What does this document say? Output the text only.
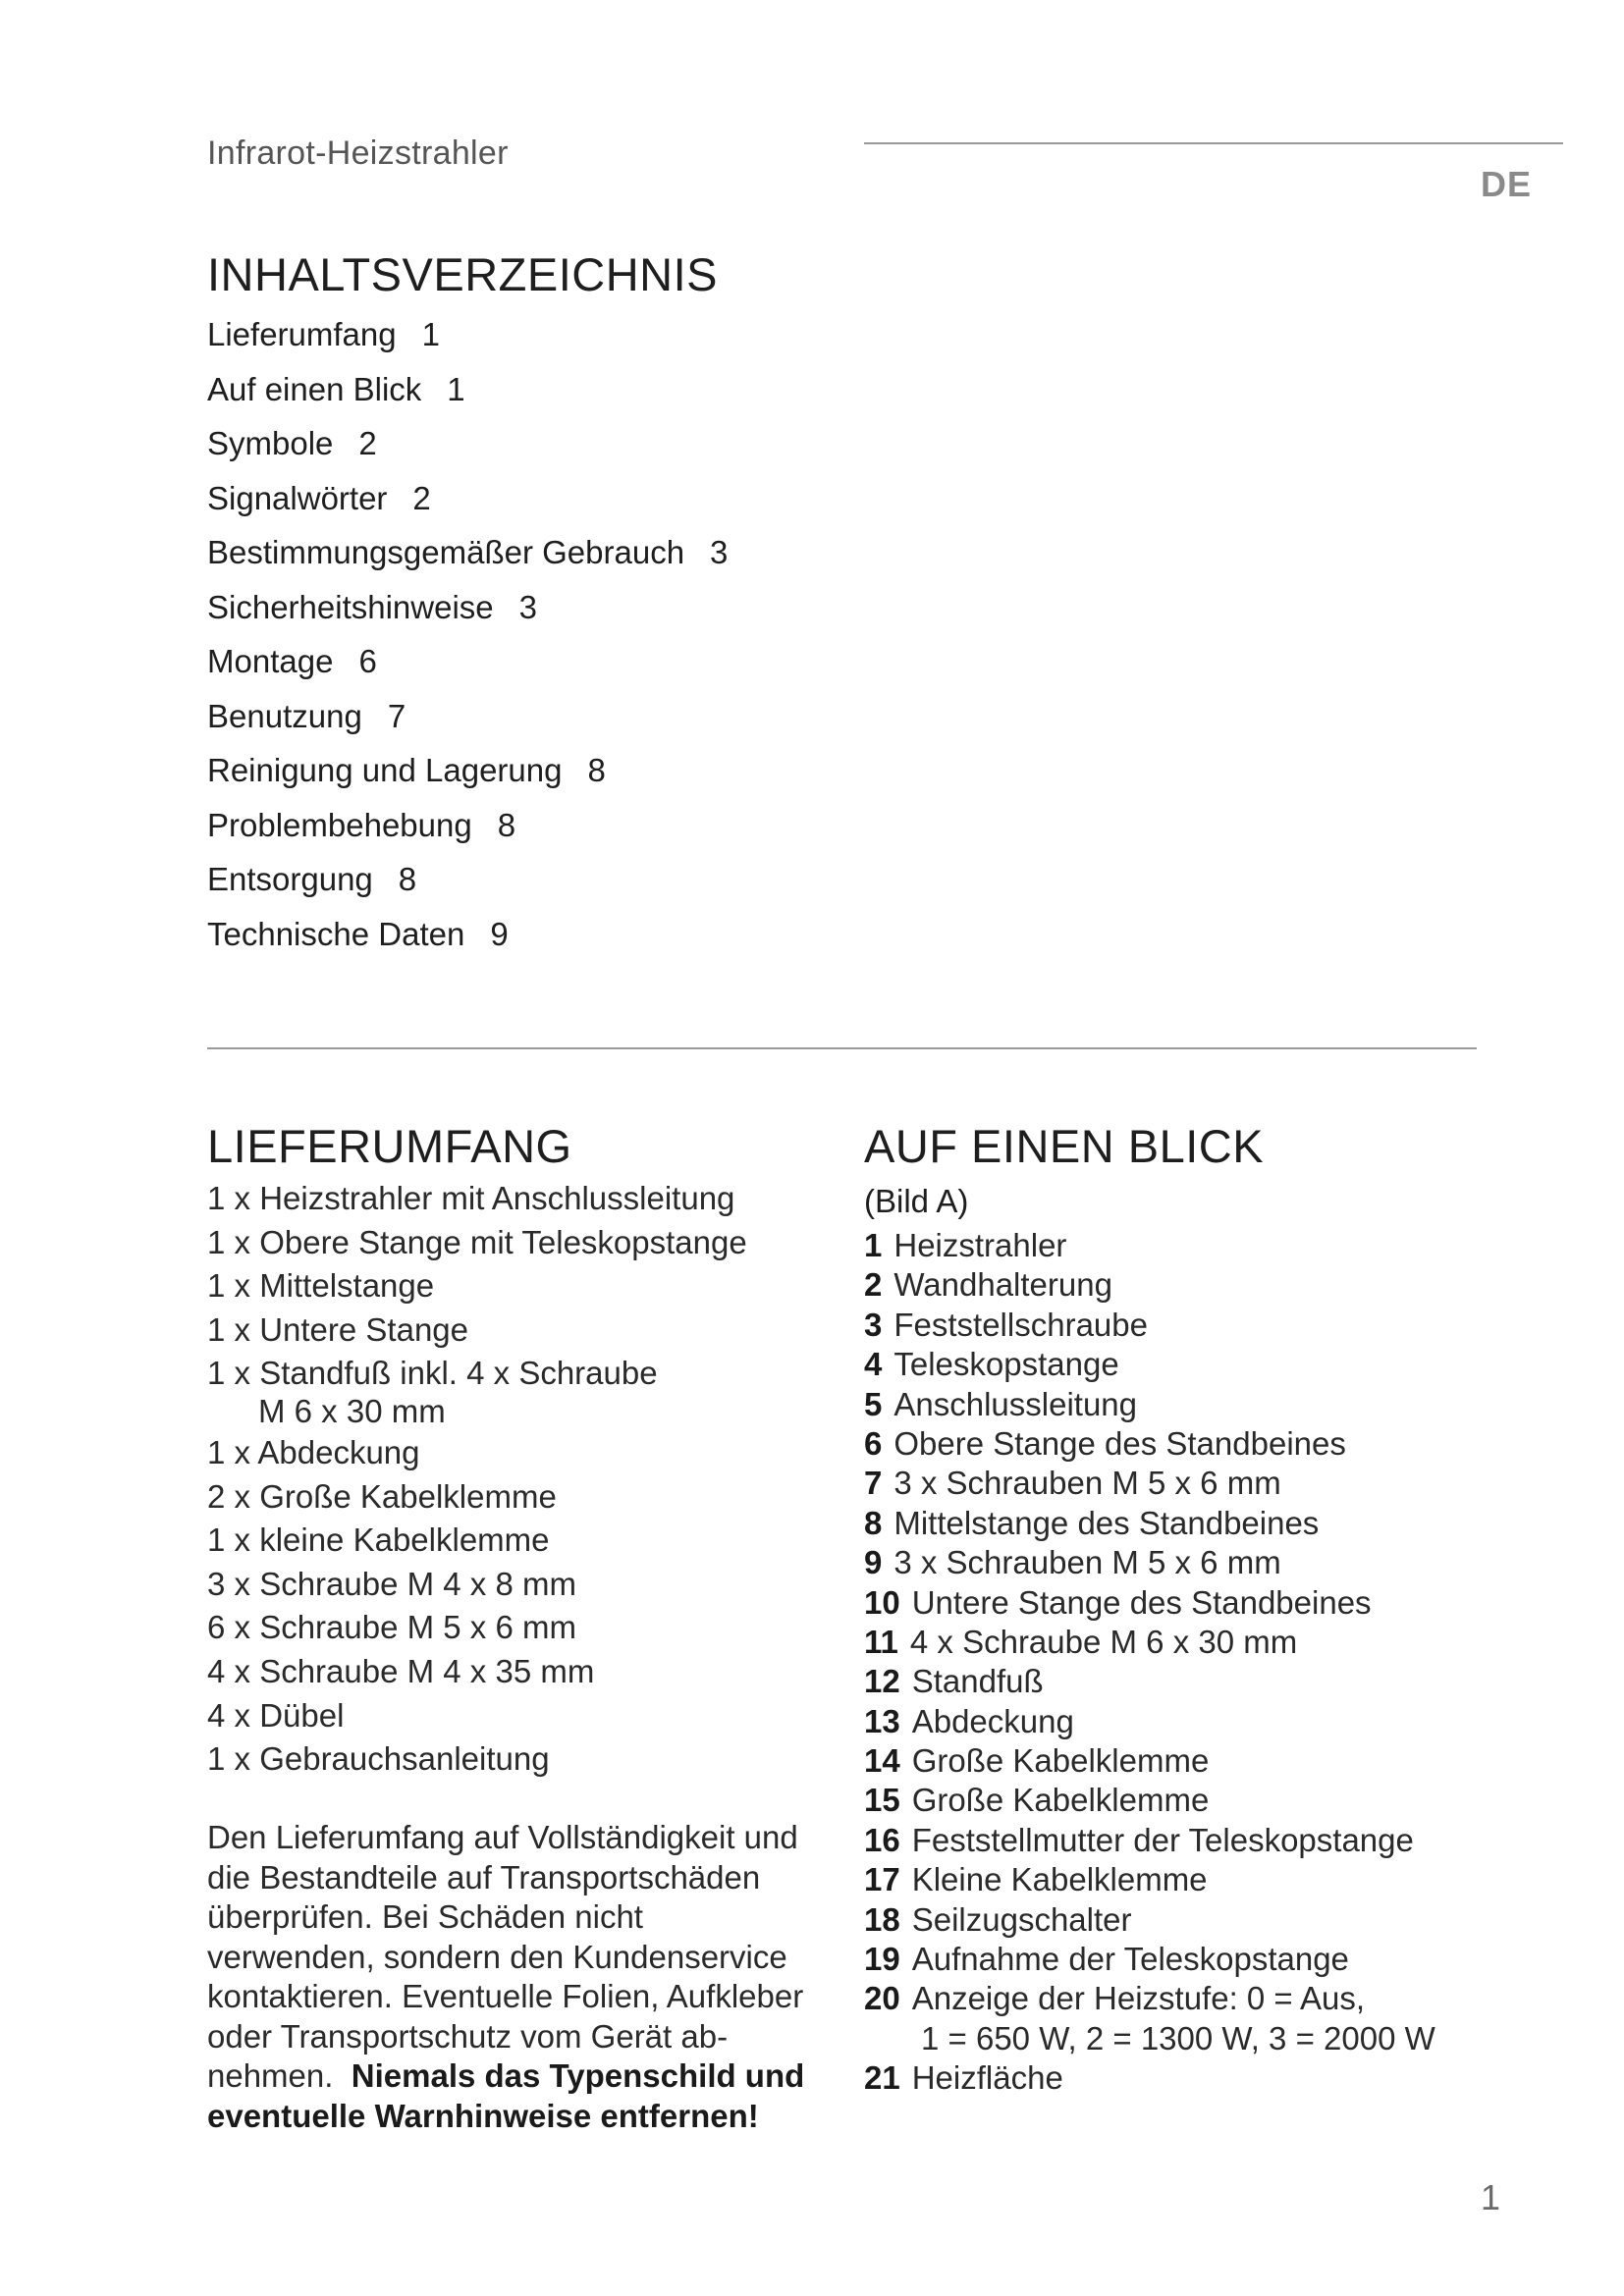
Infrarot-Heizstrahler
DE
INHALTSVERZEICHNIS
Lieferumfang 1
Auf einen Blick 1
Symbole 2
Signalwörter 2
Bestimmungsgemäßer Gebrauch 3
Sicherheitshinweise 3
Montage 6
Benutzung 7
Reinigung und Lagerung 8
Problembehebung 8
Entsorgung 8
Technische Daten 9
LIEFERUMFANG
1 x Heizstrahler mit Anschlussleitung
1 x Obere Stange mit Teleskopstange
1 x Mittelstange
1 x Untere Stange
1 x Standfuß inkl. 4 x Schraube
M 6 x 30 mm
1 x Abdeckung
2 x Große Kabelklemme
1 x kleine Kabelklemme
3 x Schraube M 4 x 8 mm
6 x Schraube M 5 x 6 mm
4 x Schraube M 4 x 35 mm
4 x Dübel
1 x Gebrauchsanleitung
Den Lieferumfang auf Vollständigkeit und die Bestandteile auf Transportschäden überprüfen. Bei Schäden nicht verwenden, sondern den Kundenservice kontaktieren. Eventuelle Folien, Aufkleber oder Transportschutz vom Gerät abnehmen. Niemals das Typenschild und eventuelle Warnhinweise entfernen!
AUF EINEN BLICK
(Bild A)
1 Heizstrahler
2 Wandhalterung
3 Feststellschraube
4 Teleskopstange
5 Anschlussleitung
6 Obere Stange des Standbeines
7 3 x Schrauben M 5 x 6 mm
8 Mittelstange des Standbeines
9 3 x Schrauben M 5 x 6 mm
10 Untere Stange des Standbeines
11 4 x Schraube M 6 x 30 mm
12 Standfuß
13 Abdeckung
14 Große Kabelklemme
15 Große Kabelklemme
16 Feststellmutter der Teleskopstange
17 Kleine Kabelklemme
18 Seilzugschalter
19 Aufnahme der Teleskopstange
20 Anzeige der Heizstufe: 0 = Aus,
1 = 650 W, 2 = 1300 W, 3 = 2000 W
21 Heizfläche
1
